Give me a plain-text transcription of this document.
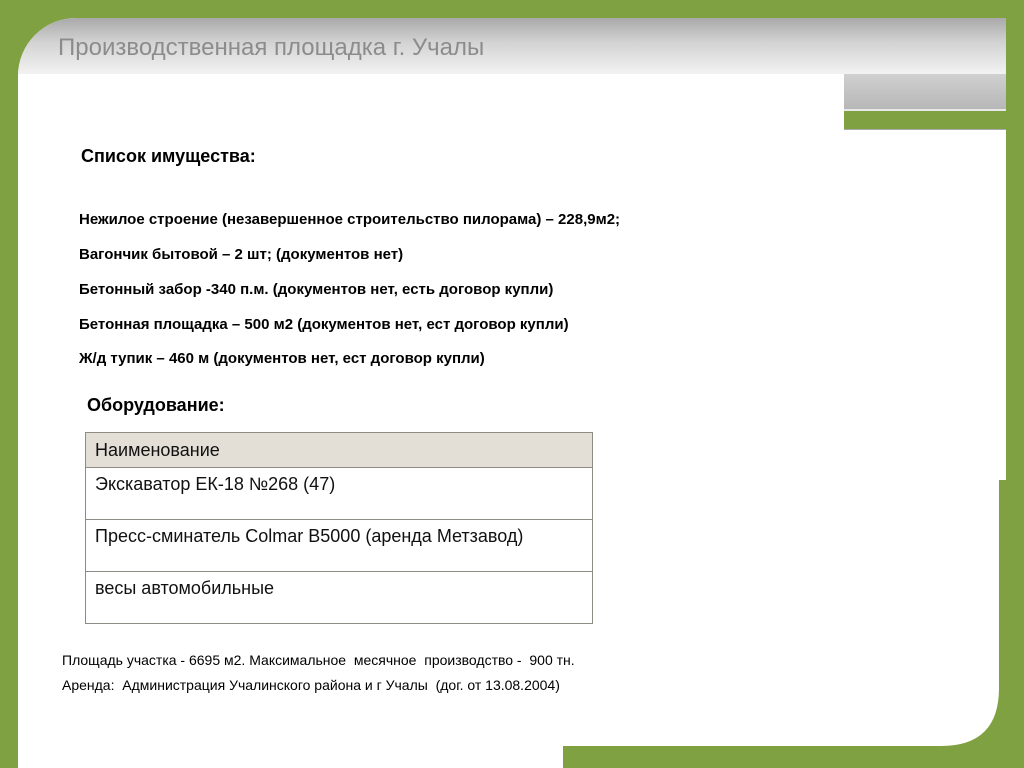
Производственная площадка г. Учалы
Список имущества:
Нежилое строение (незавершенное строительство пилорама) – 228,9м2;
Вагончик бытовой – 2 шт; (документов нет)
Бетонный забор -340 п.м. (документов нет, есть договор купли)
Бетонная площадка – 500 м2 (документов нет, ест договор купли)
Ж/д тупик – 460 м (документов нет, ест договор купли)
Оборудование:
Наименование
Экскаватор ЕК-18 №268 (47)
Пресс-сминатель Colmar B5000 (аренда Метзавод)
весы автомобильные
Площадь участка - 6695 м2. Максимальное  месячное  производство -  900 тн.
Аренда:  Администрация Учалинского района и г Учалы  (дог. от 13.08.2004)
